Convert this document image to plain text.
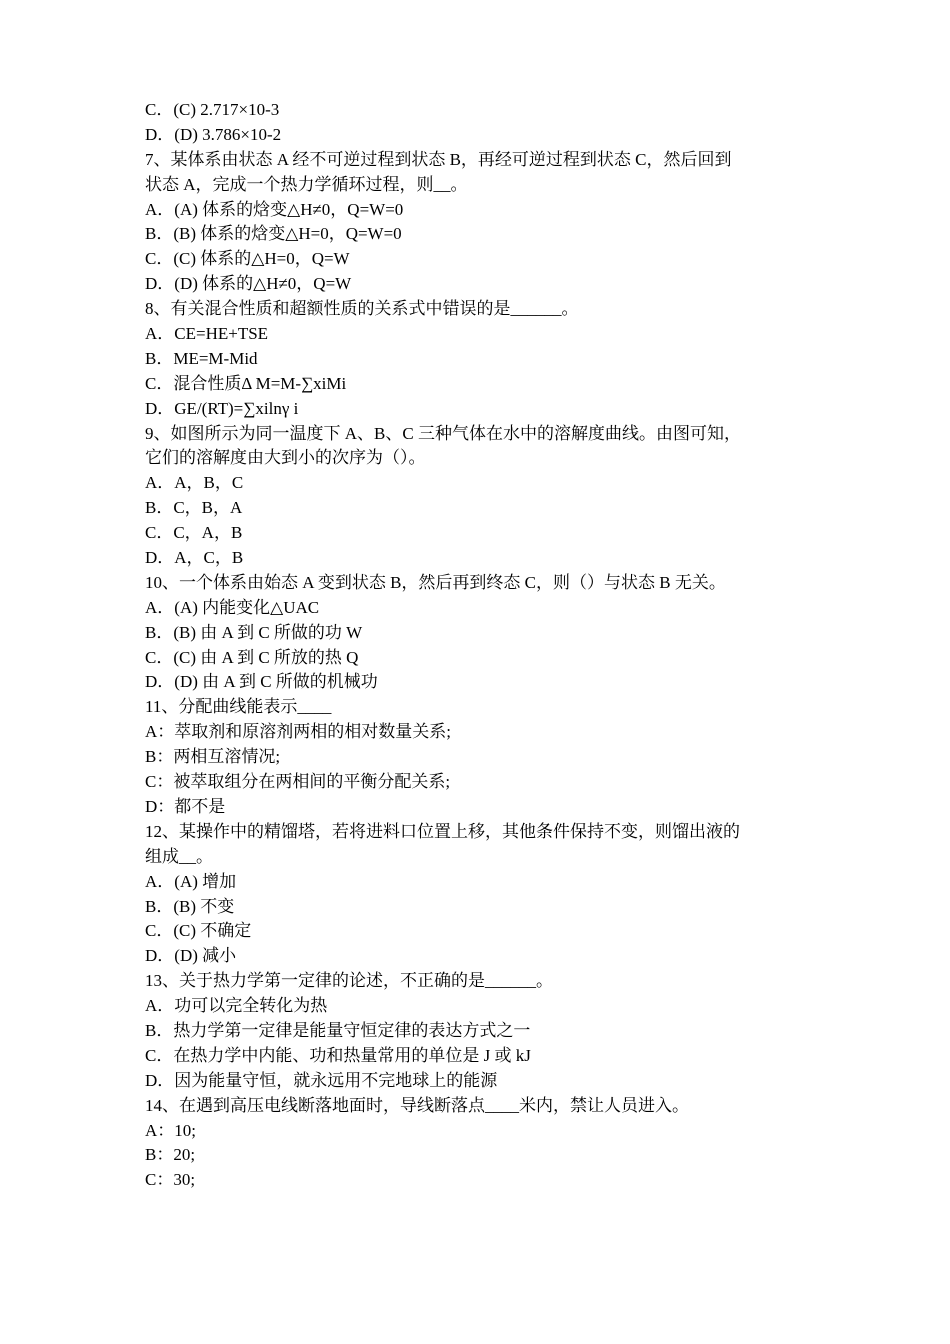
C．(C) 2.717×10-3
D．(D) 3.786×10-2
7、某体系由状态 A 经不可逆过程到状态 B，再经可逆过程到状态 C，然后回到
状态 A，完成一个热力学循环过程，则__。
A．(A) 体系的焓变△H≠0，Q=W=0
B．(B) 体系的焓变△H=0，Q=W=0
C．(C) 体系的△H=0，Q=W
D．(D) 体系的△H≠0，Q=W
8、有关混合性质和超额性质的关系式中错误的是______。
A．CE=HE+TSE
B．ME=M-Mid
C．混合性质Δ M=M-∑xiMi
D．GE/(RT)=∑xilnγ i
9、如图所示为同一温度下 A、B、C 三种气体在水中的溶解度曲线。由图可知，
它们的溶解度由大到小的次序为（）。
A．A，B，C
B．C，B，A
C．C，A，B
D．A，C，B
10、一个体系由始态 A 变到状态 B，然后再到终态 C，则（）与状态 B 无关。
A．(A) 内能变化△UAC
B．(B) 由 A 到 C 所做的功 W
C．(C) 由 A 到 C 所放的热 Q
D．(D) 由 A 到 C 所做的机械功
11、分配曲线能表示____
A：萃取剂和原溶剂两相的相对数量关系;
B：两相互溶情况;
C：被萃取组分在两相间的平衡分配关系;
D：都不是
12、某操作中的精馏塔，若将进料口位置上移，其他条件保持不变，则馏出液的
组成__。
A．(A) 增加
B．(B) 不变
C．(C) 不确定
D．(D) 减小
13、关于热力学第一定律的论述，不正确的是______。
A．功可以完全转化为热
B．热力学第一定律是能量守恒定律的表达方式之一
C．在热力学中内能、功和热量常用的单位是 J 或 kJ
D．因为能量守恒，就永远用不完地球上的能源
14、在遇到高压电线断落地面时，导线断落点____米内，禁让人员进入。
A：10;
B：20;
C：30;
